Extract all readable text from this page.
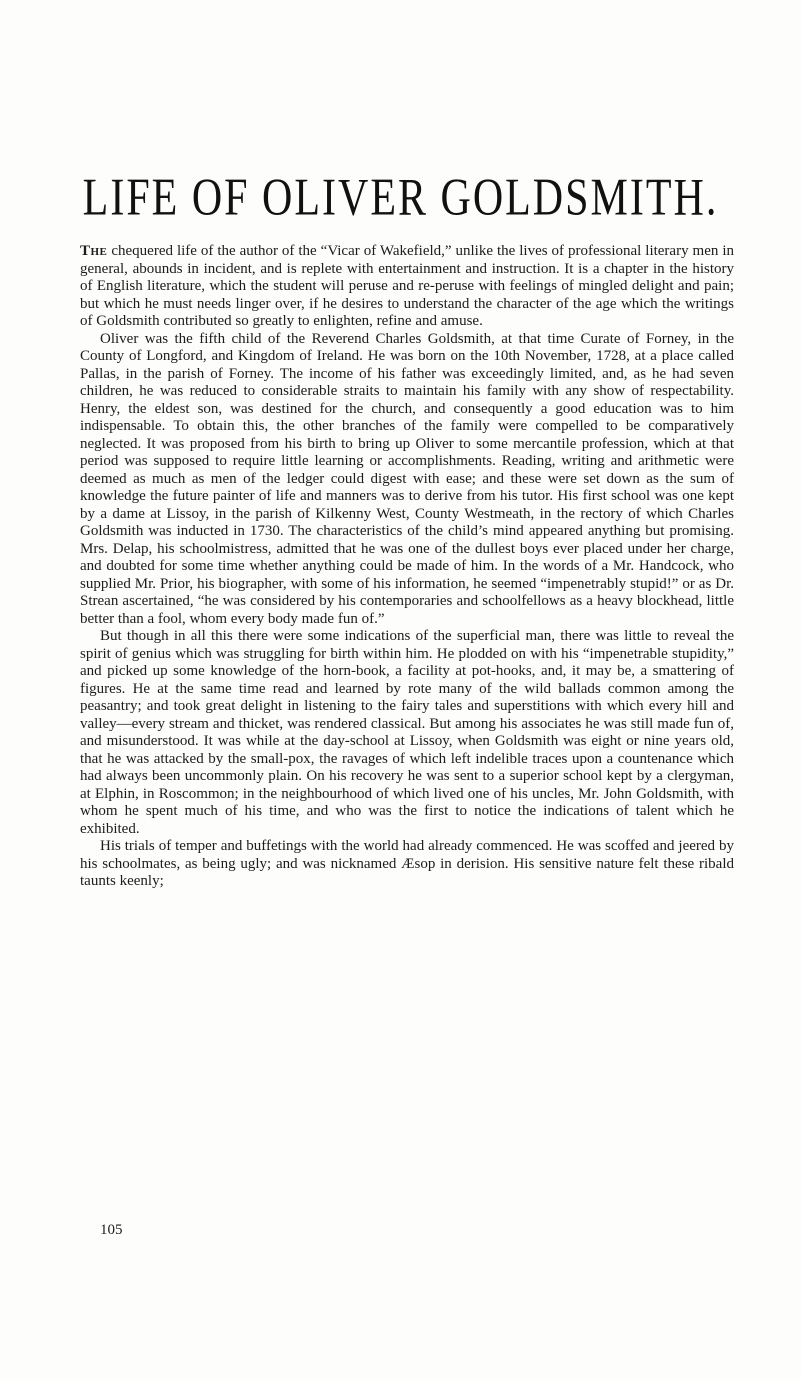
LIFE OF OLIVER GOLDSMITH.

The chequered life of the author of the “Vicar of Wakefield,” unlike the lives of professional literary men in general, abounds in incident, and is replete with entertainment and instruction. It is a chapter in the history of English literature, which the student will peruse and re-peruse with feelings of mingled delight and pain; but which he must needs linger over, if he desires to understand the character of the age which the writings of Goldsmith contributed so greatly to enlighten, refine and amuse.

Oliver was the fifth child of the Reverend Charles Goldsmith, at that time Curate of Forney, in the County of Longford, and Kingdom of Ireland. He was born on the 10th November, 1728, at a place called Pallas, in the parish of Forney. The income of his father was exceedingly limited, and, as he had seven children, he was reduced to considerable straits to maintain his family with any show of respectability. Henry, the eldest son, was destined for the church, and consequently a good education was to him indispensable. To obtain this, the other branches of the family were compelled to be comparatively neglected. It was proposed from his birth to bring up Oliver to some mercantile profession, which at that period was supposed to require little learning or accomplishments. Reading, writing and arithmetic were deemed as much as men of the ledger could digest with ease; and these were set down as the sum of knowledge the future painter of life and manners was to derive from his tutor. His first school was one kept by a dame at Lissoy, in the parish of Kilkenny West, County Westmeath, in the rectory of which Charles Goldsmith was inducted in 1730. The characteristics of the child’s mind appeared anything but promising. Mrs. Delap, his schoolmistress, admitted that he was one of the dullest boys ever placed under her charge, and doubted for some time whether anything could be made of him. In the words of a Mr. Handcock, who supplied Mr. Prior, his biographer, with some of his information, he seemed “impenetrably stupid!” or as Dr. Strean ascertained, “he was considered by his contemporaries and schoolfellows as a heavy blockhead, little better than a fool, whom every body made fun of.”

But though in all this there were some indications of the superficial man, there was little to reveal the spirit of genius which was struggling for birth within him. He plodded on with his “impenetrable stupidity,” and picked up some knowledge of the horn-book, a facility at pot-hooks, and, it may be, a smattering of figures. He at the same time read and learned by rote many of the wild ballads common among the peasantry; and took great delight in listening to the fairy tales and superstitions with which every hill and valley—every stream and thicket, was rendered classical. But among his associates he was still made fun of, and misunderstood. It was while at the day-school at Lissoy, when Goldsmith was eight or nine years old, that he was attacked by the small-pox, the ravages of which left indelible traces upon a countenance which had always been uncommonly plain. On his recovery he was sent to a superior school kept by a clergyman, at Elphin, in Roscommon; in the neighbourhood of which lived one of his uncles, Mr. John Goldsmith, with whom he spent much of his time, and who was the first to notice the indications of talent which he exhibited.

His trials of temper and buffetings with the world had already commenced. He was scoffed and jeered by his schoolmates, as being ugly; and was nicknamed Æsop in derision. His sensitive nature felt these ribald taunts keenly;

105
